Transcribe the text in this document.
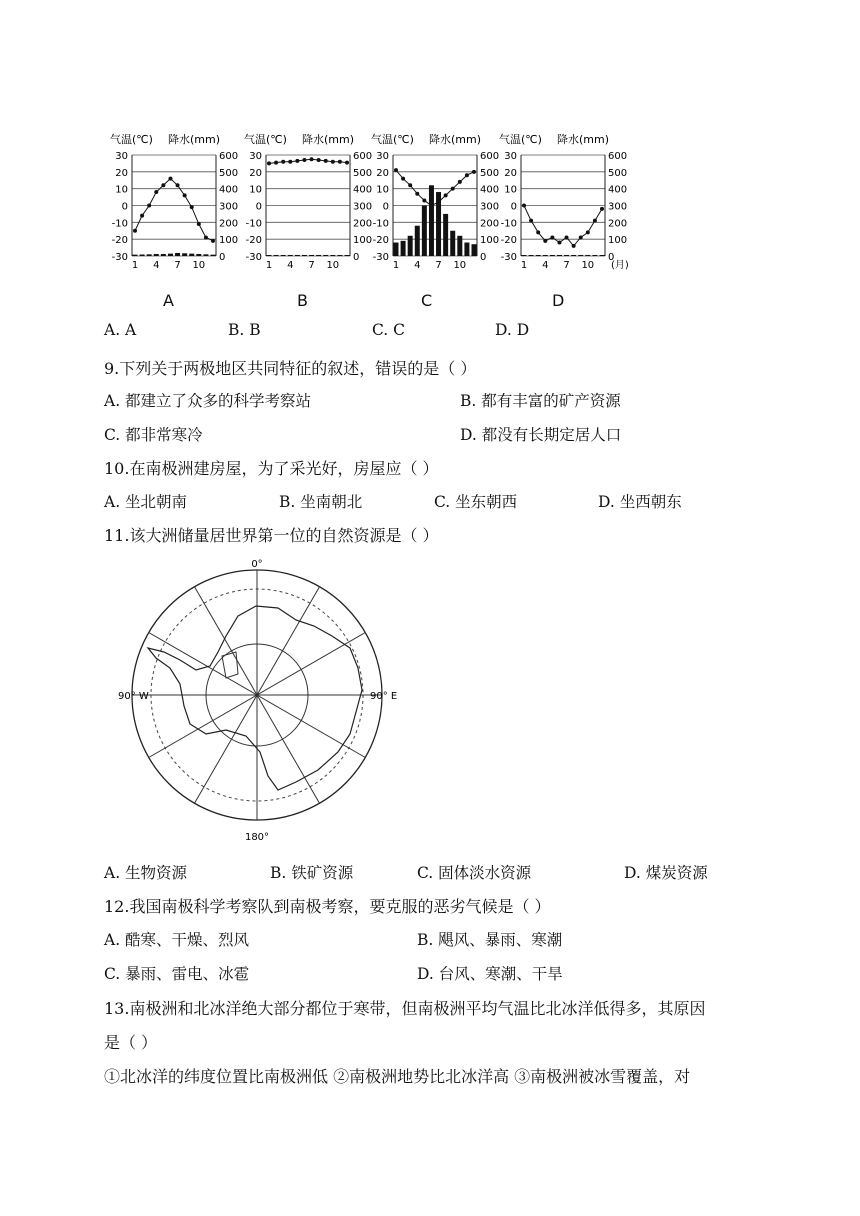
气温(℃) 降水(mm)
30	600
20	500
10	400
0	300
-10	200
-20	100
-30	0
1 4 7 10
气温(℃) 降水(mm)
30	600
20	500
10	400
0	300
-10	200
-20	100
-30	0
1 4 7 10
气温(℃) 降水(mm)
30	600
20	500
10	400
0	300
-10	200
-20	100
-30	0
1 4 7 10
气温(℃) 降水(mm)
30	600
20	500
10	400
0	300
-10	200
-20	100
-30	0
1 4 7 10 (月)
A	B	C	D
A. A	B. B	C. C	D. D
9.下列关于两极地区共同特征的叙述，错误的是（ ）
A. 都建立了众多的科学考察站	B. 都有丰富的矿产资源
C. 都非常寒冷	D. 都没有长期定居人口
10.在南极洲建房屋，为了采光好，房屋应（ ）
A. 坐北朝南	B. 坐南朝北	C. 坐东朝西	D. 坐西朝东
11.该大洲储量居世界第一位的自然资源是（ ）
0°
180°
90° W	90° E
A. 生物资源	B. 铁矿资源	C. 固体淡水资源	D. 煤炭资源
12.我国南极科学考察队到南极考察，要克服的恶劣气候是（ ）
A. 酷寒、干燥、烈风	B. 飓风、暴雨、寒潮
C. 暴雨、雷电、冰雹	D. 台风、寒潮、干旱
13.南极洲和北冰洋绝大部分都位于寒带，但南极洲平均气温比北冰洋低得多，其原因
是（ ）
①北冰洋的纬度位置比南极洲低 ②南极洲地势比北冰洋高 ③南极洲被冰雪覆盖，对
